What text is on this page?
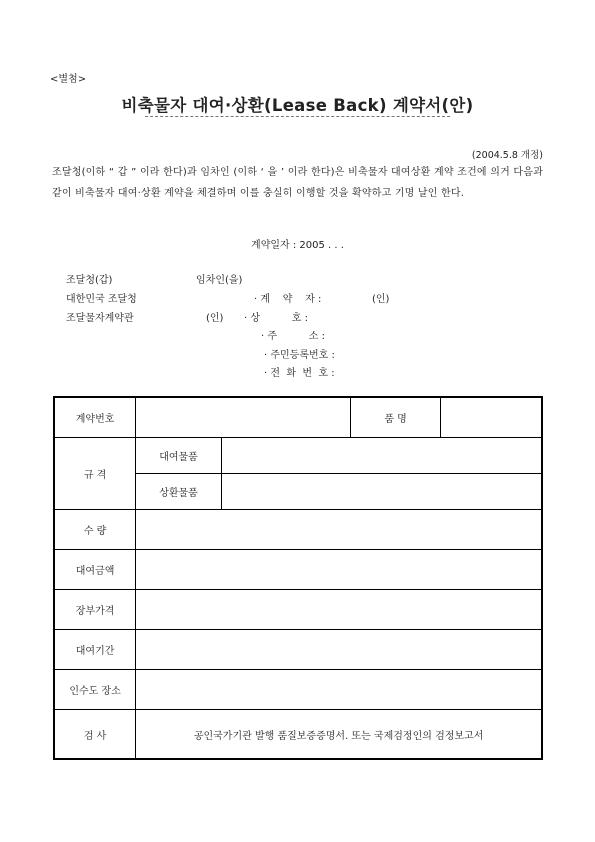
<별첨>
비축물자 대여·상환(Lease Back) 계약서(안)
(2004.5.8 개정)
조달청(이하 “ 갑 ” 이라 한다)과 임차인 (이하 ‘ 을 ’ 이라 한다)은 비축물자 대여상환 계약 조건에 의거 다음과 같이 비축물자 대여·상환 계약을 체결하며 이를 충실히 이행할 것을 확약하고 기명 날인 한다.
계약일자 : 2005 . . .
조달청(갑)	임차인(을)
대한민국 조달청	· 계    약    자 :	(인)
조달물자계약관	(인) · 상          호 :
· 주          소 :
· 주민등록번호 :
· 전  화  번  호 :
계약번호			품 명	
규 격	대여물품			
	상환물품			
수 량				
대여금액				
장부가격				
대여기간				
인수도 장소				
검 사	공인국가기관 발행 품질보증증명서. 또는 국제검정인의 검정보고서			
